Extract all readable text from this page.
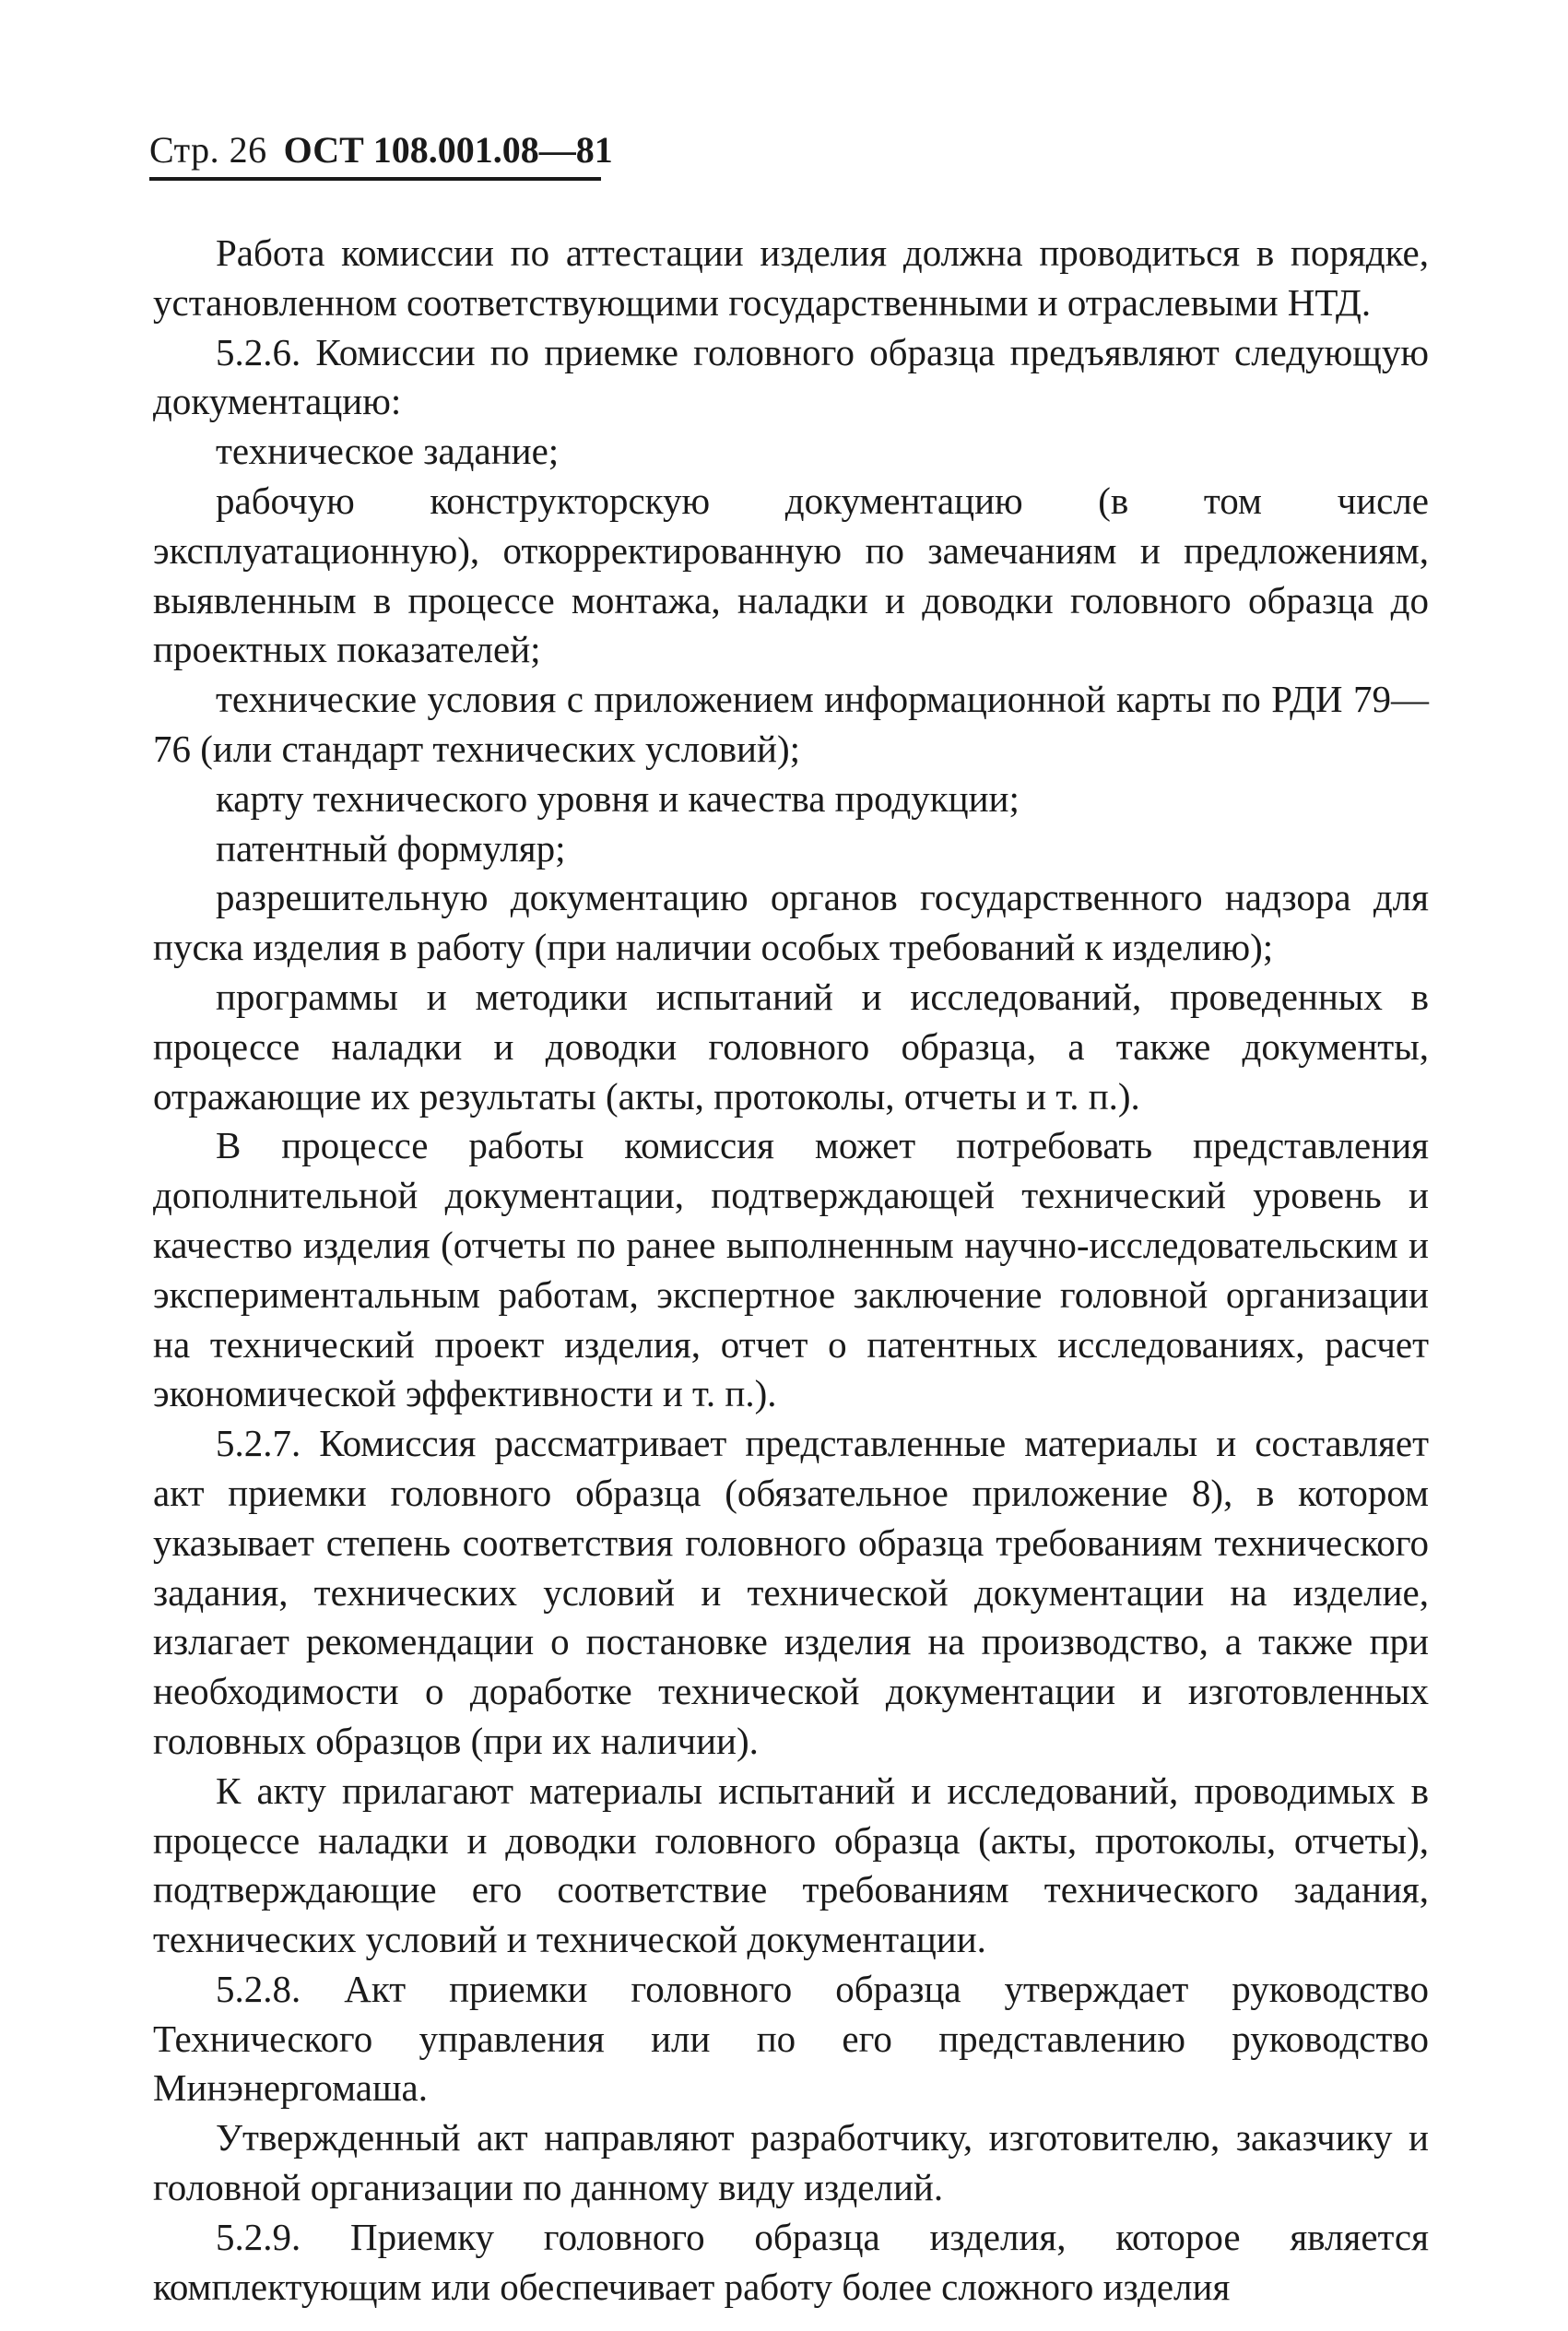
Стр. 26 ОСТ 108.001.08—81

Работа комиссии по аттестации изделия должна проводиться в порядке, установленном соответствующими государственными и отраслевыми НТД.

5.2.6. Комиссии по приемке головного образца предъявляют следующую документацию:

техническое задание;

рабочую конструкторскую документацию (в том числе эксплуатационную), откорректированную по замечаниям и предложениям, выявленным в процессе монтажа, наладки и доводки головного образца до проектных показателей;

технические условия с приложением информационной карты по РДИ 79—76 (или стандарт технических условий);

карту технического уровня и качества продукции;

патентный формуляр;

разрешительную документацию органов государственного надзора для пуска изделия в работу (при наличии особых требований к изделию);

программы и методики испытаний и исследований, проведенных в процессе наладки и доводки головного образца, а также документы, отражающие их результаты (акты, протоколы, отчеты и т. п.).

В процессе работы комиссия может потребовать представления дополнительной документации, подтверждающей технический уровень и качество изделия (отчеты по ранее выполненным научно-исследовательским и экспериментальным работам, экспертное заключение головной организации на технический проект изделия, отчет о патентных исследованиях, расчет экономической эффективности и т. п.).

5.2.7. Комиссия рассматривает представленные материалы и составляет акт приемки головного образца (обязательное приложение 8), в котором указывает степень соответствия головного образца требованиям технического задания, технических условий и технической документации на изделие, излагает рекомендации о постановке изделия на производство, а также при необходимости о доработке технической документации и изготовленных головных образцов (при их наличии).

К акту прилагают материалы испытаний и исследований, проводимых в процессе наладки и доводки головного образца (акты, протоколы, отчеты), подтверждающие его соответствие требованиям технического задания, технических условий и технической документации.

5.2.8. Акт приемки головного образца утверждает руководство Технического управления или по его представлению руководство Минэнергомаша.

Утвержденный акт направляют разработчику, изготовителю, заказчику и головной организации по данному виду изделий.

5.2.9. Приемку головного образца изделия, которое является комплектующим или обеспечивает работу более сложного изделия
